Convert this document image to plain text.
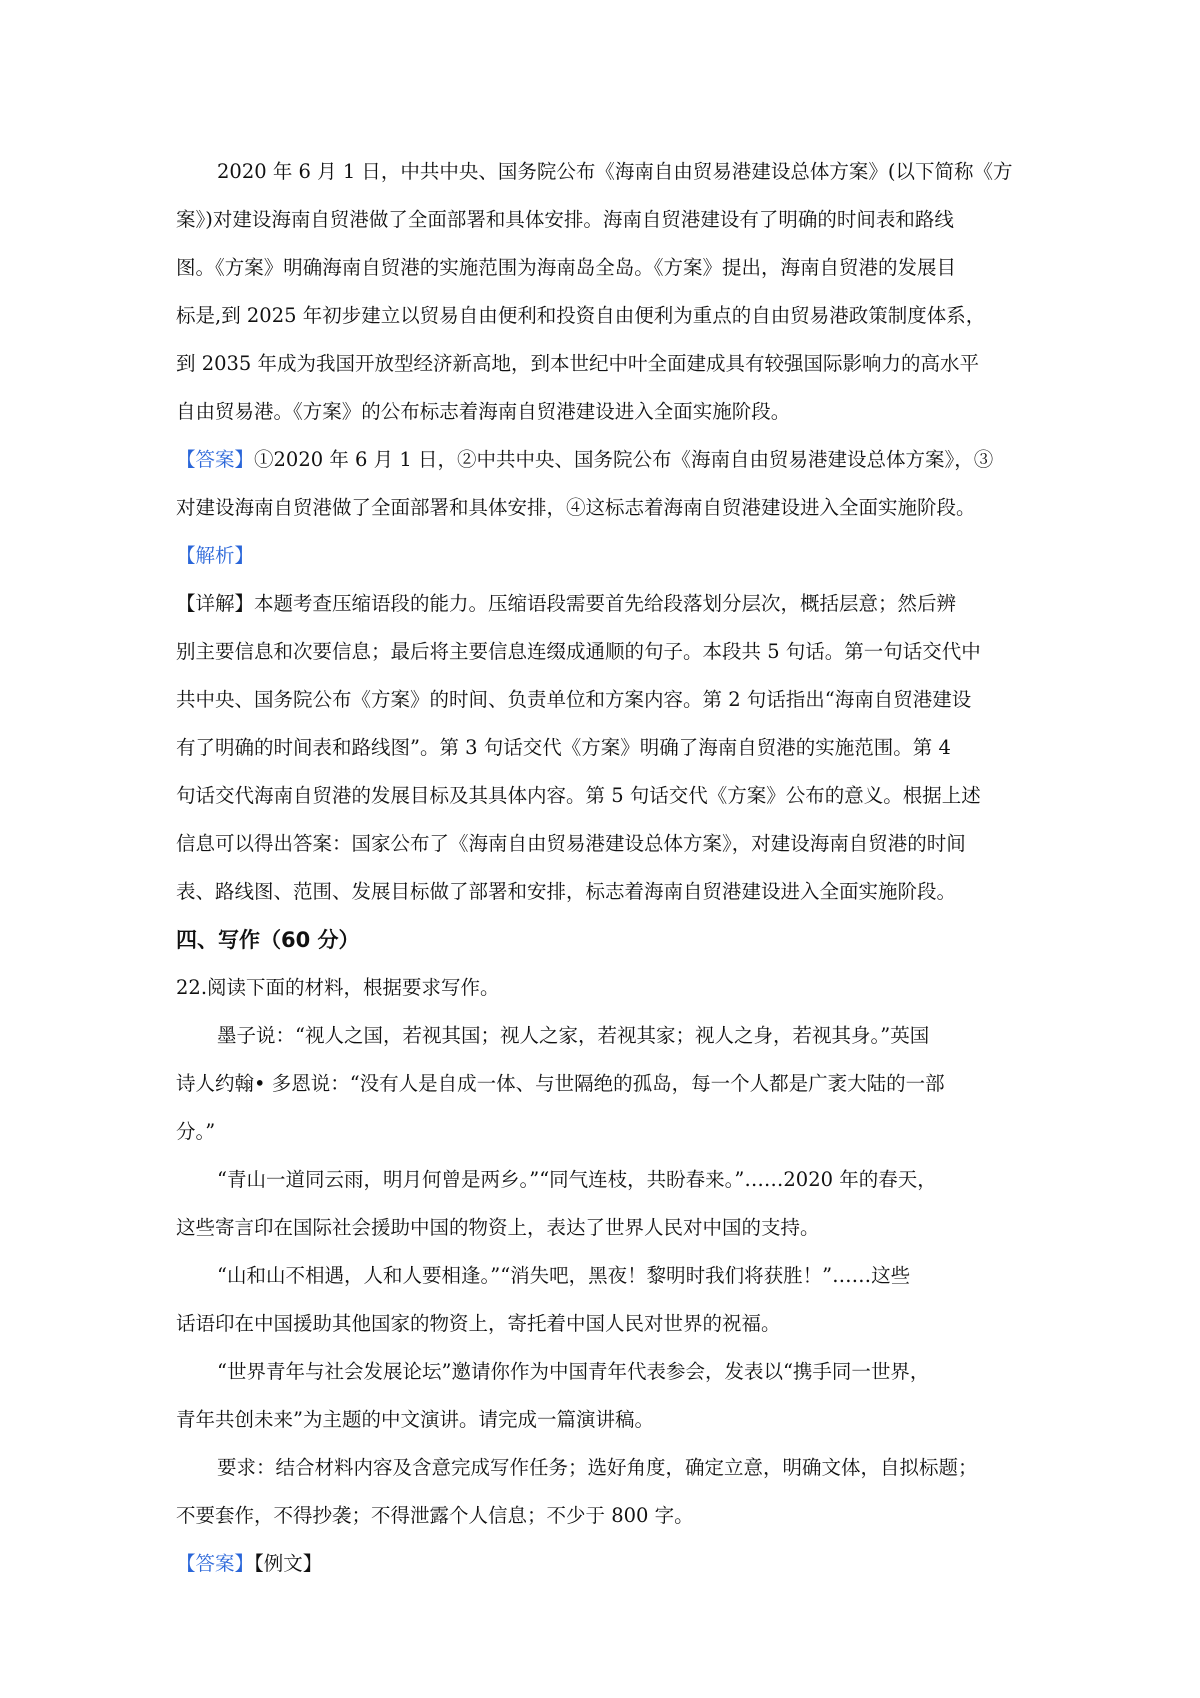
2020 年 6 月 1 日，中共中央、国务院公布《海南自由贸易港建设总体方案》(以下简称《方
案》)对建设海南自贸港做了全面部署和具体安排。海南自贸港建设有了明确的时间表和路线
图。《方案》明确海南自贸港的实施范围为海南岛全岛。《方案》提出，海南自贸港的发展目
标是,到 2025 年初步建立以贸易自由便利和投资自由便利为重点的自由贸易港政策制度体系，
到 2035 年成为我国开放型经济新高地，到本世纪中叶全面建成具有较强国际影响力的高水平
自由贸易港。《方案》的公布标志着海南自贸港建设进入全面实施阶段。

【答案】①2020 年 6 月 1 日，②中共中央、国务院公布《海南自由贸易港建设总体方案》，③
对建设海南自贸港做了全面部署和具体安排，④这标志着海南自贸港建设进入全面实施阶段。

【解析】

【详解】本题考查压缩语段的能力。压缩语段需要首先给段落划分层次，概括层意；然后辨
别主要信息和次要信息；最后将主要信息连缀成通顺的句子。本段共 5 句话。第一句话交代中
共中央、国务院公布《方案》的时间、负责单位和方案内容。第 2 句话指出“海南自贸港建设
有了明确的时间表和路线图”。第 3 句话交代《方案》明确了海南自贸港的实施范围。第 4
句话交代海南自贸港的发展目标及其具体内容。第 5 句话交代《方案》公布的意义。根据上述
信息可以得出答案：国家公布了《海南自由贸易港建设总体方案》，对建设海南自贸港的时间
表、路线图、范围、发展目标做了部署和安排，标志着海南自贸港建设进入全面实施阶段。

四、写作（60 分）

22.阅读下面的材料，根据要求写作。

墨子说：“视人之国，若视其国；视人之家，若视其家；视人之身，若视其身。”英国
诗人约翰• 多恩说：“没有人是自成一体、与世隔绝的孤岛，每一个人都是广袤大陆的一部
分。”

“青山一道同云雨，明月何曾是两乡。”“同气连枝，共盼春来。”……2020 年的春天，
这些寄言印在国际社会援助中国的物资上，表达了世界人民对中国的支持。

“山和山不相遇，人和人要相逢。”“消失吧，黑夜！黎明时我们将获胜！”……这些
话语印在中国援助其他国家的物资上，寄托着中国人民对世界的祝福。

“世界青年与社会发展论坛”邀请你作为中国青年代表参会，发表以“携手同一世界，
青年共创未来”为主题的中文演讲。请完成一篇演讲稿。

要求：结合材料内容及含意完成写作任务；选好角度，确定立意，明确文体，自拟标题；
不要套作，不得抄袭；不得泄露个人信息；不少于 800 字。

【答案】【例文】
